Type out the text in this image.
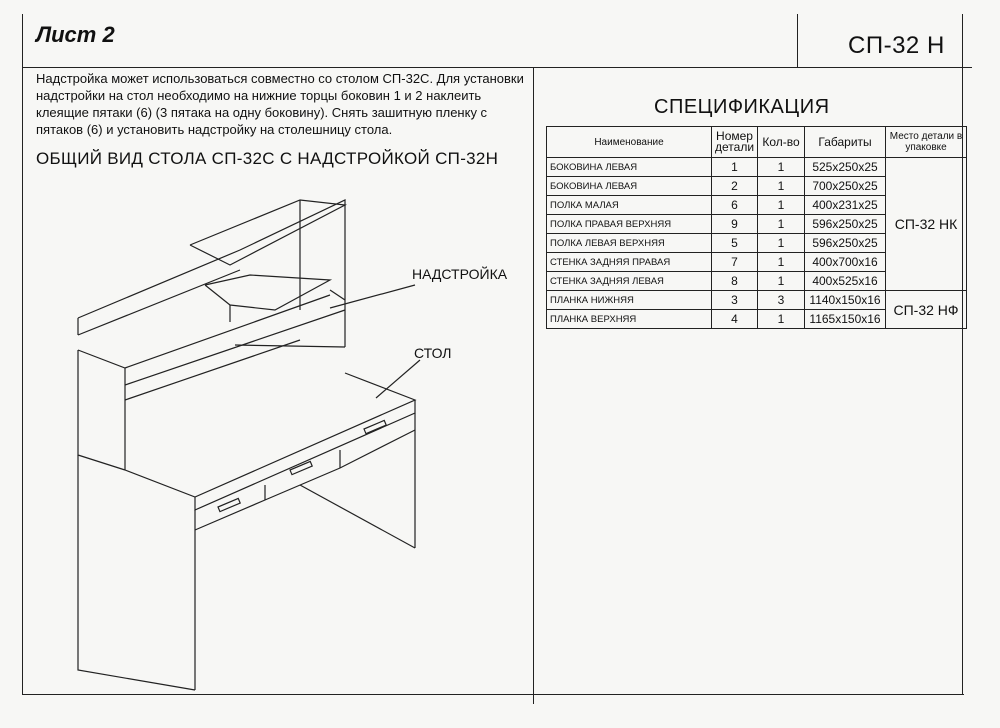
Лист 2	СП-32 Н
Надстройка может использоваться совместно со столом СП-32С. Для установки надстройки на стол необходимо на нижние торцы боковин 1 и 2 наклеить клеящие пятаки (6) (3 пятака на одну боковину). Снять зашитную пленку с пятаков (6) и установить надстройку на столешницу стола.
ОБЩИЙ ВИД СТОЛА СП-32С С НАДСТРОЙКОЙ СП-32Н
НАДСТРОЙКА
СТОЛ
СПЕЦИФИКАЦИЯ
Наименование	Номер детали	Кол-во	Габариты	Место детали в упаковке
БОКОВИНА ЛЕВАЯ	1	1	525x250x25	СП-32 НК
БОКОВИНА ЛЕВАЯ	2	1	700x250x25	
ПОЛКА МАЛАЯ	6	1	400x231x25	
ПОЛКА ПРАВАЯ ВЕРХНЯЯ	9	1	596x250x25	
ПОЛКА ЛЕВАЯ ВЕРХНЯЯ	5	1	596x250x25	
СТЕНКА ЗАДНЯЯ ПРАВАЯ	7	1	400x700x16	
СТЕНКА ЗАДНЯЯ ЛЕВАЯ	8	1	400x525x16	
ПЛАНКА НИЖНЯЯ	3	3	1140x150x16	СП-32 НФ
ПЛАНКА ВЕРХНЯЯ	4	1	1165x150x16	
